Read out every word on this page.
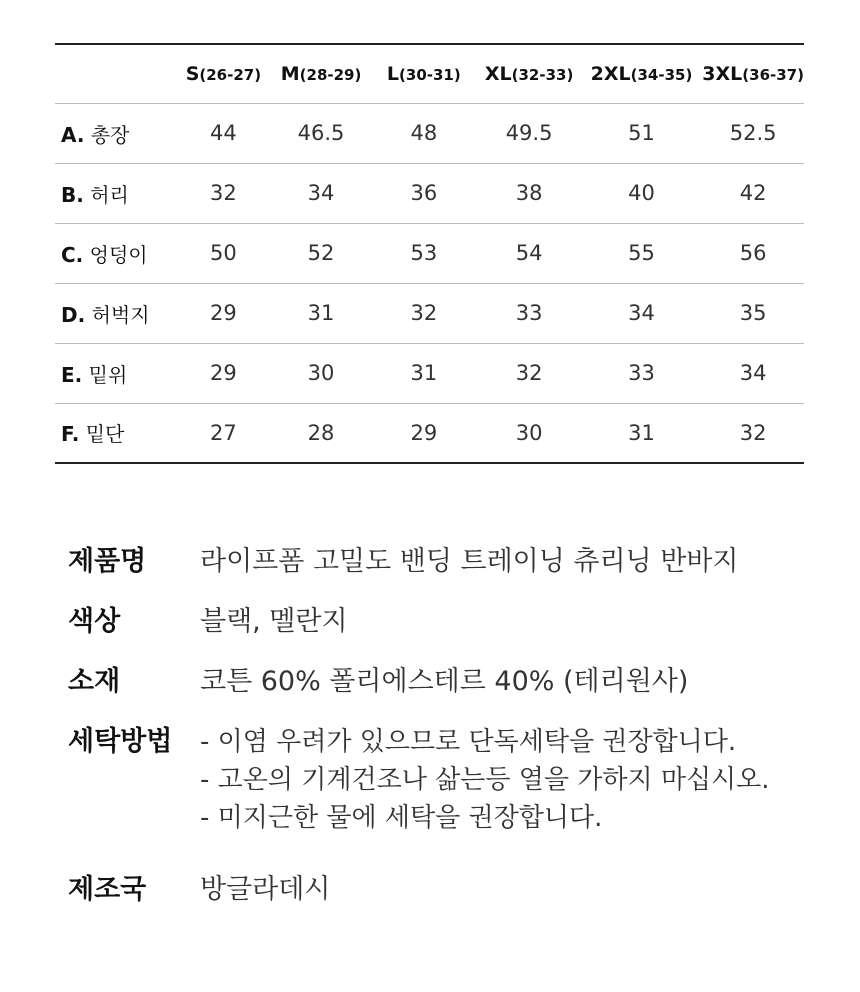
	S(26-27)	M(28-29)	L(30-31)	XL(32-33)	2XL(34-35)	3XL(36-37)
A. 총장	44	46.5	48	49.5	51	52.5
B. 허리	32	34	36	38	40	42
C. 엉덩이	50	52	53	54	55	56
D. 허벅지	29	31	32	33	34	35
E. 밑위	29	30	31	32	33	34
F. 밑단	27	28	29	30	31	32
제품명	라이프폼 고밀도 밴딩 트레이닝 츄리닝 반바지
색상	블랙, 멜란지
소재	코튼 60% 폴리에스테르 40% (테리원사)
세탁방법	- 이염 우려가 있으므로 단독세탁을 권장합니다.
- 고온의 기계건조나 삶는등 열을 가하지 마십시오.
- 미지근한 물에 세탁을 권장합니다.
제조국	방글라데시
